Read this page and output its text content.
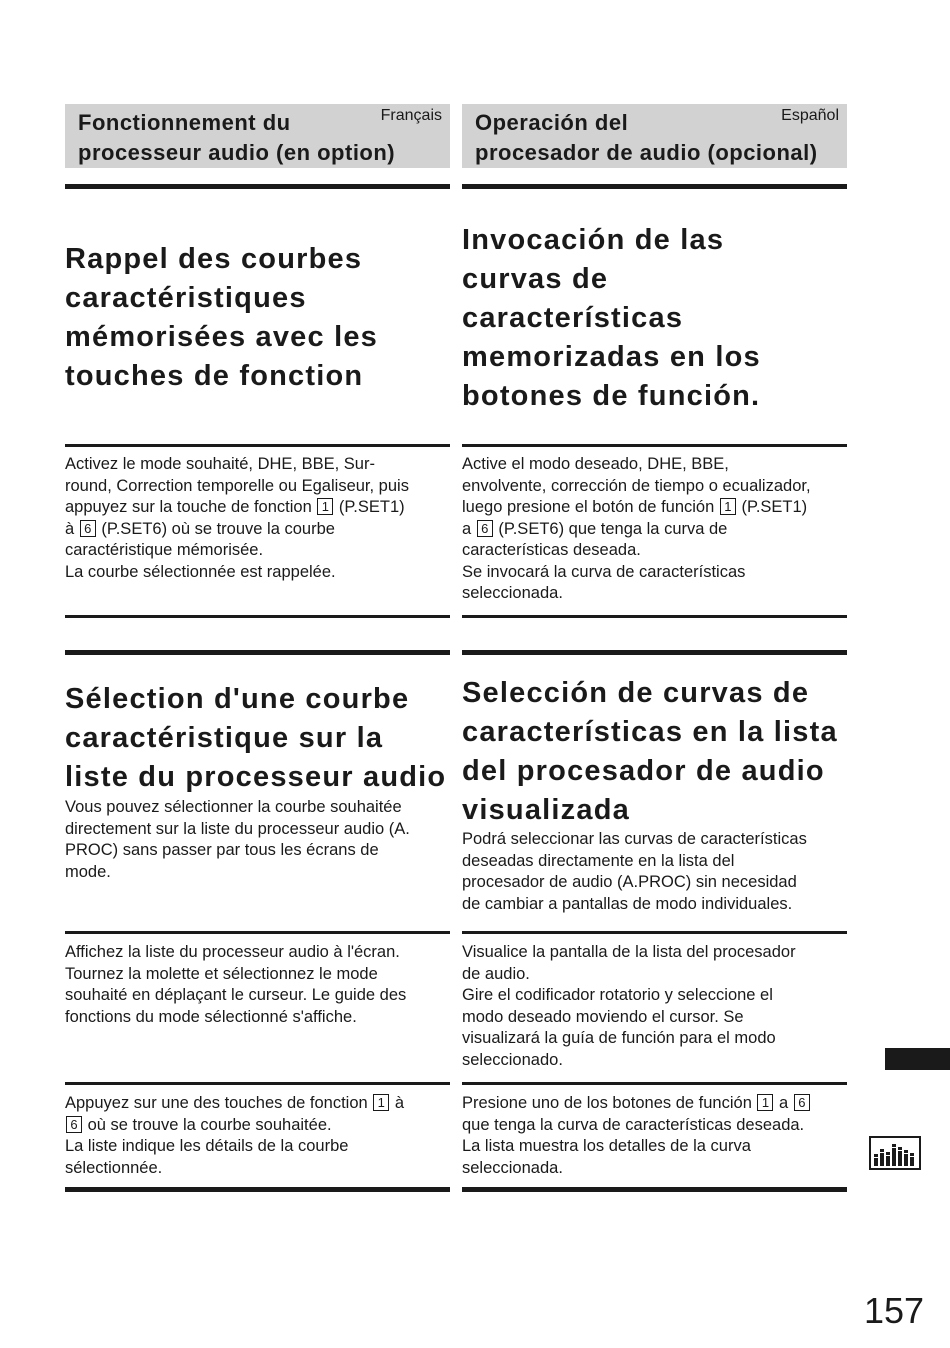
Fonctionnement du
processeur audio (en option)
Français
Rappel des courbes
caractéristiques
mémorisées avec les
touches de fonction
Activez le mode souhaité, DHE, BBE, Sur-
round, Correction temporelle ou Egaliseur, puis
appuyez sur la touche de fonction 1 (P.SET1)
à 6 (P.SET6) où se trouve la courbe
caractéristique mémorisée.
La courbe sélectionnée est rappelée.
Sélection d'une courbe
caractéristique sur la
liste du processeur audio
Vous pouvez sélectionner la courbe souhaitée
directement sur la liste du processeur audio (A.
PROC) sans passer par tous les écrans de
mode.
Affichez la liste du processeur audio à l'écran.
Tournez la molette et sélectionnez le mode
souhaité en déplaçant le curseur. Le guide des
fonctions du mode sélectionné s'affiche.
Appuyez sur une des touches de fonction 1 à
6 où se trouve la courbe souhaitée.
La liste indique les détails de la courbe
sélectionnée.
Operación del
procesador de audio (opcional)
Español
Invocación de las
curvas de
características
memorizadas en los
botones de función.
Active el modo deseado, DHE, BBE,
envolvente, corrección de tiempo o ecualizador,
luego presione el botón de función 1 (P.SET1)
a 6 (P.SET6) que tenga la curva de
características deseada.
Se invocará la curva de características
seleccionada.
Selección de curvas de
características en la lista
del procesador de audio
visualizada
Podrá seleccionar las curvas de características
deseadas directamente en la lista del
procesador de audio (A.PROC) sin necesidad
de cambiar a pantallas de modo individuales.
Visualice la pantalla de la lista del procesador
de audio.
Gire el codificador rotatorio y seleccione el
modo deseado moviendo el cursor. Se
visualizará la guía de función para el modo
seleccionado.
Presione uno de los botones de función 1 a 6
que tenga la curva de características deseada.
La lista muestra los detalles de la curva
seleccionada.
157
